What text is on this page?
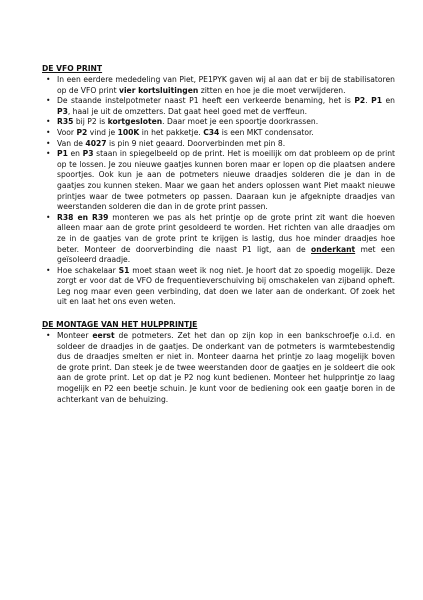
DE VFO PRINT
• In een eerdere mededeling van Piet, PE1PYK gaven wij al aan dat er bij de stabilisatoren op de VFO print vier kortsluitingen zitten en hoe je die moet verwijderen.
• De staande instelpotmeter naast P1 heeft een verkeerde benaming, het is P2. P1 en P3, haal je uit de omzetters. Dat gaat heel goed met de verffeun.
• R35 bij P2 is kortgesloten. Daar moet je een spoortje doorkrassen.
• Voor P2 vind je 100K in het pakketje. C34 is een MKT condensator.
• Van de 4027 is pin 9 niet geaard. Doorverbinden met pin 8.
• P1 en P3 staan in spiegelbeeld op de print. Het is moeilijk om dat probleem op de print op te lossen. Je zou nieuwe gaatjes kunnen boren maar er lopen op die plaatsen andere spoortjes. Ook kun je aan de potmeters nieuwe draadjes solderen die je dan in de gaatjes zou kunnen steken. Maar we gaan het anders oplossen want Piet maakt nieuwe printjes waar de twee potmeters op passen. Daaraan kun je afgeknipte draadjes van weerstanden solderen die dan in de grote print passen.
• R38 en R39 monteren we pas als het printje op de grote print zit want die hoeven alleen maar aan de grote print gesoldeerd te worden. Het richten van alle draadjes om ze in de gaatjes van de grote print te krijgen is lastig, dus hoe minder draadjes hoe beter. Monteer de doorverbinding die naast P1 ligt, aan de onderkant met een geïsoleerd draadje.
• Hoe schakelaar S1 moet staan weet ik nog niet. Je hoort dat zo spoedig mogelijk. Deze zorgt er voor dat de VFO de frequentieverschuiving bij omschakelen van zijband opheft. Leg nog maar even geen verbinding, dat doen we later aan de onderkant. Of zoek het uit en laat het ons even weten.
DE MONTAGE VAN HET HULPPRINTJE
• Monteer eerst de potmeters. Zet het dan op zijn kop in een bankschroefje o.i.d. en soldeer de draadjes in de gaatjes. De onderkant van de potmeters is warmtebestendig dus de draadjes smelten er niet in. Monteer daarna het printje zo laag mogelijk boven de grote print. Dan steek je de twee weerstanden door de gaatjes en je soldeert die ook aan de grote print. Let op dat je P2 nog kunt bedienen. Monteer het hulpprintje zo laag mogelijk en P2 een beetje schuin. Je kunt voor de bediening ook een gaatje boren in de achterkant van de behuizing.
